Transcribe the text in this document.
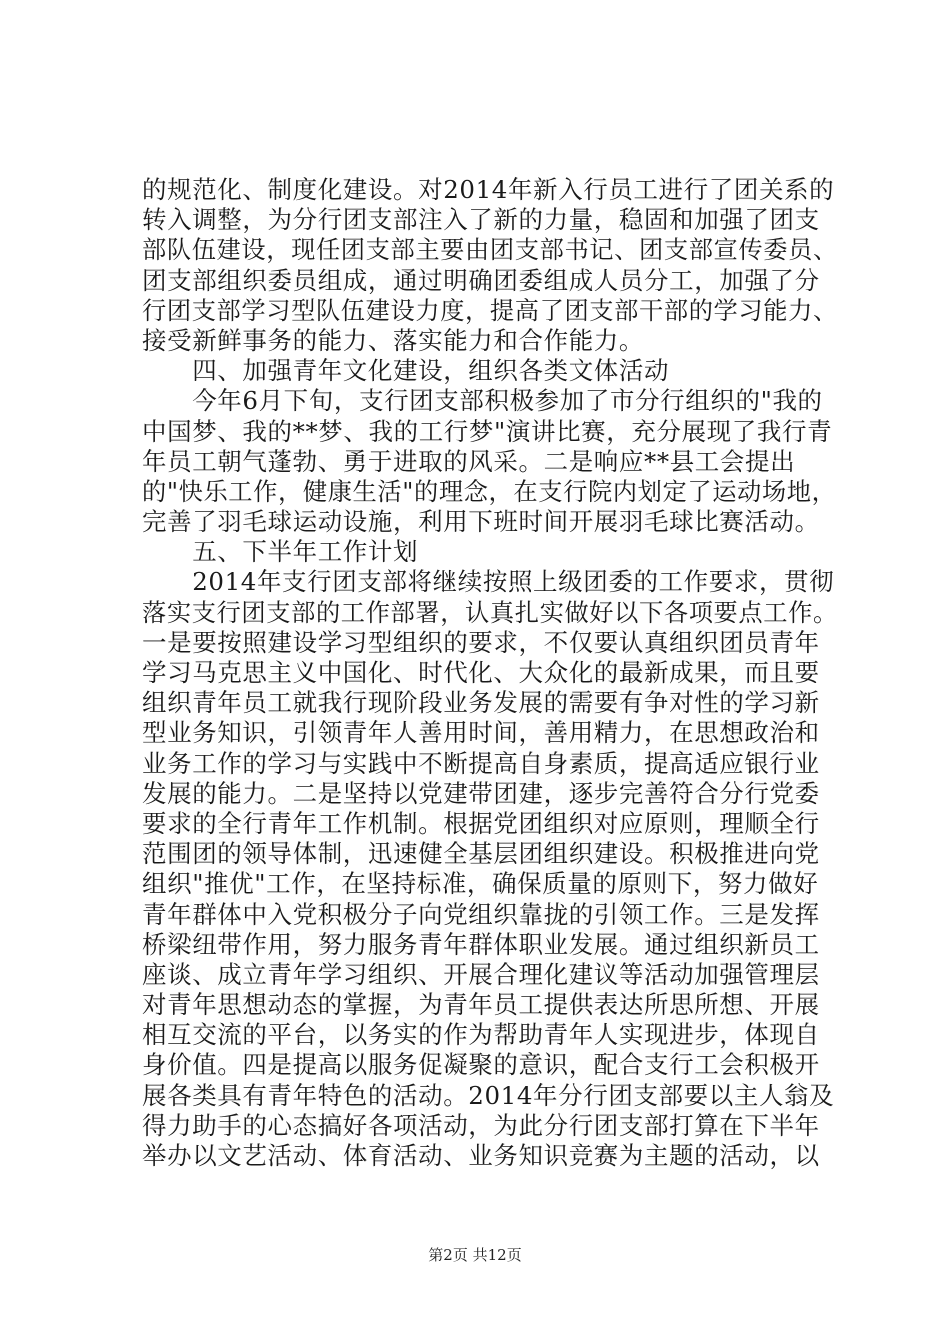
的规范化、制度化建设。对2014年新入行员工进行了团关系的
转入调整，为分行团支部注入了新的力量，稳固和加强了团支
部队伍建设，现任团支部主要由团支部书记、团支部宣传委员、
团支部组织委员组成，通过明确团委组成人员分工，加强了分
行团支部学习型队伍建设力度，提高了团支部干部的学习能力、
接受新鲜事务的能力、落实能力和合作能力。
　　四、加强青年文化建设，组织各类文体活动
　　今年6月下旬，支行团支部积极参加了市分行组织的"我的
中国梦、我的**梦、我的工行梦"演讲比赛，充分展现了我行青
年员工朝气蓬勃、勇于进取的风采。二是响应**县工会提出
的"快乐工作，健康生活"的理念，在支行院内划定了运动场地，
完善了羽毛球运动设施，利用下班时间开展羽毛球比赛活动。
　　五、下半年工作计划
　　2014年支行团支部将继续按照上级团委的工作要求，贯彻
落实支行团支部的工作部署，认真扎实做好以下各项要点工作。
一是要按照建设学习型组织的要求，不仅要认真组织团员青年
学习马克思主义中国化、时代化、大众化的最新成果，而且要
组织青年员工就我行现阶段业务发展的需要有争对性的学习新
型业务知识，引领青年人善用时间，善用精力，在思想政治和
业务工作的学习与实践中不断提高自身素质，提高适应银行业
发展的能力。二是坚持以党建带团建，逐步完善符合分行党委
要求的全行青年工作机制。根据党团组织对应原则，理顺全行
范围团的领导体制，迅速健全基层团组织建设。积极推进向党
组织"推优"工作，在坚持标准，确保质量的原则下，努力做好
青年群体中入党积极分子向党组织靠拢的引领工作。三是发挥
桥梁纽带作用，努力服务青年群体职业发展。通过组织新员工
座谈、成立青年学习组织、开展合理化建议等活动加强管理层
对青年思想动态的掌握，为青年员工提供表达所思所想、开展
相互交流的平台，以务实的作为帮助青年人实现进步，体现自
身价值。四是提高以服务促凝聚的意识，配合支行工会积极开
展各类具有青年特色的活动。2014年分行团支部要以主人翁及
得力助手的心态搞好各项活动，为此分行团支部打算在下半年
举办以文艺活动、体育活动、业务知识竞赛为主题的活动，以
第2页 共12页
